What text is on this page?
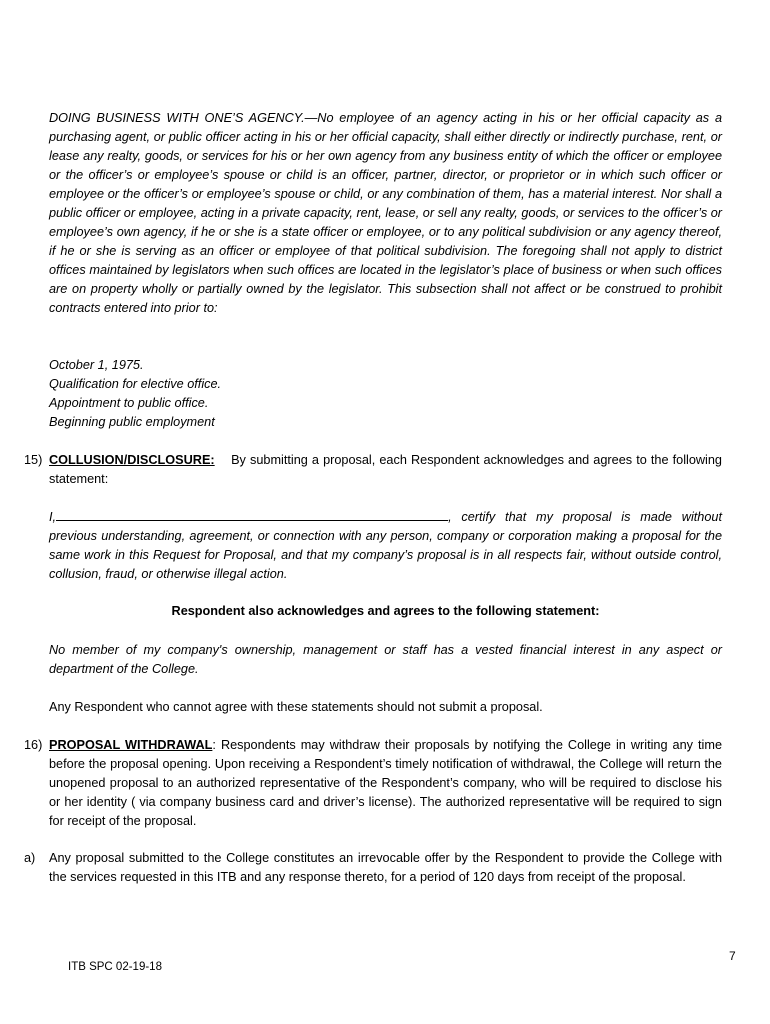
DOING BUSINESS WITH ONE’S AGENCY.—No employee of an agency acting in his or her official capacity as a purchasing agent, or public officer acting in his or her official capacity, shall either directly or indirectly purchase, rent, or lease any realty, goods, or services for his or her own agency from any business entity of which the officer or employee or the officer’s or employee’s spouse or child is an officer, partner, director, or proprietor or in which such officer or employee or the officer’s or employee’s spouse or child, or any combination of them, has a material interest. Nor shall a public officer or employee, acting in a private capacity, rent, lease, or sell any realty, goods, or services to the officer’s or employee’s own agency, if he or she is a state officer or employee, or to any political subdivision or any agency thereof, if he or she is serving as an officer or employee of that political subdivision. The foregoing shall not apply to district offices maintained by legislators when such offices are located in the legislator’s place of business or when such offices are on property wholly or partially owned by the legislator. This subsection shall not affect or be construed to prohibit contracts entered into prior to:
October 1, 1975.
Qualification for elective office.
Appointment to public office.
Beginning public employment
15) COLLUSION/DISCLOSURE: By submitting a proposal, each Respondent acknowledges and agrees to the following statement:
I,	, certify that my proposal is made without previous understanding, agreement, or connection with any person, company or corporation making a proposal for the same work in this Request for Proposal, and that my company’s proposal is in all respects fair, without outside control, collusion, fraud, or otherwise illegal action.
Respondent also acknowledges and agrees to the following statement:
No member of my company's ownership, management or staff has a vested financial interest in any aspect or department of the College.
Any Respondent who cannot agree with these statements should not submit a proposal.
16) PROPOSAL WITHDRAWAL: Respondents may withdraw their proposals by notifying the College in writing any time before the proposal opening. Upon receiving a Respondent’s timely notification of withdrawal, the College will return the unopened proposal to an authorized representative of the Respondent’s company, who will be required to disclose his or her identity ( via company business card and driver’s license). The authorized representative will be required to sign for receipt of the proposal.
a) Any proposal submitted to the College constitutes an irrevocable offer by the Respondent to provide the College with the services requested in this ITB and any response thereto, for a period of 120 days from receipt of the proposal.
7
ITB SPC 02-19-18
